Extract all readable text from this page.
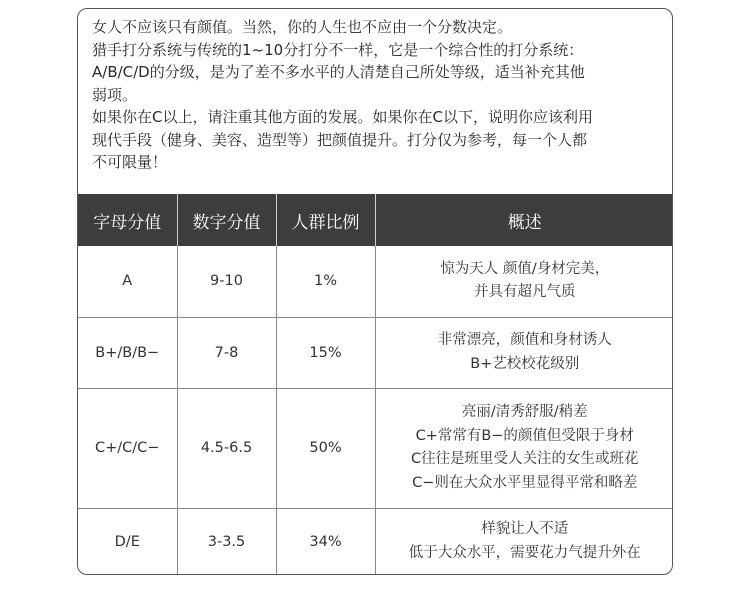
女人不应该只有颜值。当然，你的人生也不应由一个分数决定。

猎手打分系统与传统的1~10分打分不一样，它是一个综合性的打分系统：

A/B/C/D的分级，是为了差不多水平的人清楚自己所处等级，适当补充其他

弱项。

如果你在C以上，请注重其他方面的发展。如果你在C以下，说明你应该利用

现代手段（健身、美容、造型等）把颜值提升。打分仅为参考，每一个人都

不可限量！

字母分值	数字分值	人群比例	概述
A	9-10	1%	惊为天人 颜值/身材完美，
并具有超凡气质

B+/B/B−	7-8	15%	非常漂亮，颜值和身材诱人
B+艺校校花级别

C+/C/C−	4.5-6.5	50%	亮丽/清秀舒服/稍差
C+常常有B−的颜值但受限于身材
C往往是班里受人关注的女生或班花
C−则在大众水平里显得平常和略差

D/E	3-3.5	34%	样貌让人不适
低于大众水平，需要花力气提升外在
